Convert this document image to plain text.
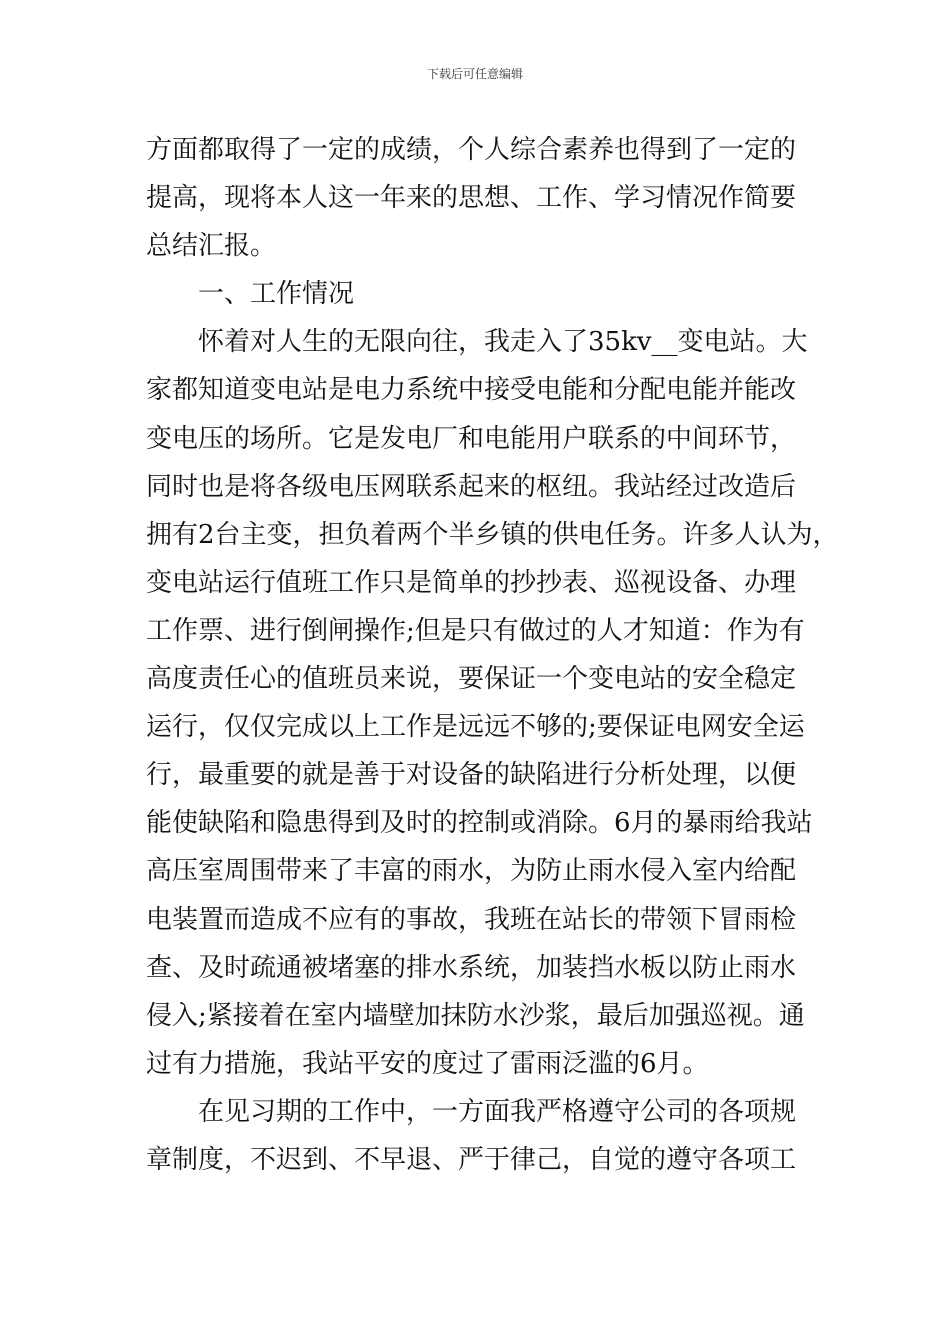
下载后可任意编辑
方面都取得了一定的成绩，个人综合素养也得到了一定的
提高，现将本人这一年来的思想、工作、学习情况作简要
总结汇报。
一、工作情况
怀着对人生的无限向往，我走入了35kv__变电站。大
家都知道变电站是电力系统中接受电能和分配电能并能改
变电压的场所。它是发电厂和电能用户联系的中间环节，
同时也是将各级电压网联系起来的枢纽。我站经过改造后
拥有2台主变，担负着两个半乡镇的供电任务。许多人认为，
变电站运行值班工作只是简单的抄抄表、巡视设备、办理
工作票、进行倒闸操作;但是只有做过的人才知道：作为有
高度责任心的值班员来说，要保证一个变电站的安全稳定
运行，仅仅完成以上工作是远远不够的;要保证电网安全运
行，最重要的就是善于对设备的缺陷进行分析处理，以便
能使缺陷和隐患得到及时的控制或消除。6月的暴雨给我站
高压室周围带来了丰富的雨水，为防止雨水侵入室内给配
电装置而造成不应有的事故，我班在站长的带领下冒雨检
查、及时疏通被堵塞的排水系统，加装挡水板以防止雨水
侵入;紧接着在室内墙壁加抹防水沙浆，最后加强巡视。通
过有力措施，我站平安的度过了雷雨泛滥的6月。
在见习期的工作中，一方面我严格遵守公司的各项规
章制度，不迟到、不早退、严于律己，自觉的遵守各项工
